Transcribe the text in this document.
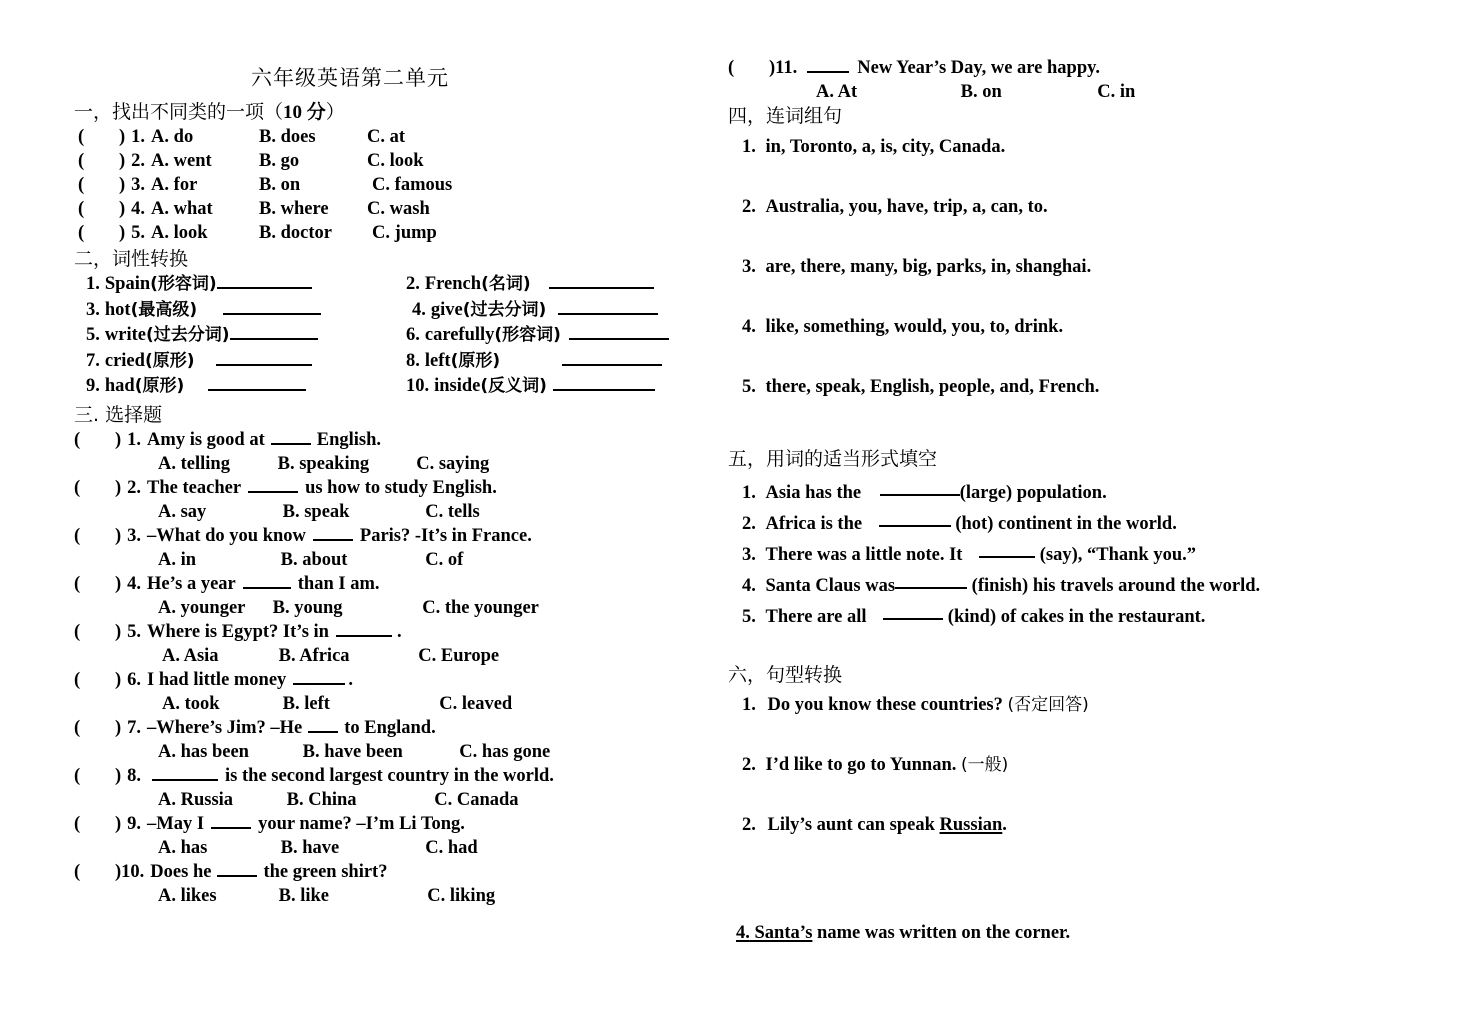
六年级英语第二单元
一，找出不同类的一项（10 分）
( ) 1. A. do	B. does	C. at
( ) 2. A. went	B. go	C. look
( ) 3. A. for	B. on	C. famous
( ) 4. A. what	B. where	C. wash
( ) 5. A. look	B. doctor	C. jump
二，词性转换
1. Spain (形容词)	2. French (名词)
3. hot (最高级)	4. give (过去分词)
5. write (过去分词)	6. carefully (形容词)
7. cried (原形)	8. left (原形)
9. had (原形)	10. inside (反义词)
三. 选择题
( ) 1. Amy is good at	English.
A. telling	B. speaking	C. saying
( ) 2. The teacher	us how to study English.
A. say	B. speak	C. tells
( ) 3. –What do you know	Paris? -It’s in France.
A. in	B. about	C. of
( ) 4. He’s a year	than I am.
A. younger B. young	C. the younger
( ) 5. Where is Egypt? It’s in	.
A. Asia	B. Africa	C. Europe
( ) 6. I had little money	.
A. took	B. left	C. leaved
( ) 7. –Where’s Jim? –He to England.
A. has been	B. have been	C. has gone
( ) 8.	is the second largest country in the world.
A. Russia	B. China	C. Canada
( ) 9. –May I	your name? –I’m Li Tong.
A. has	B. have	C. had
( ) 10. Does he	the green shirt?
A. likes	B. like	C. liking
( ) 11.	New Year’s Day, we are happy.
A. At	B. on	C. in
四，连词组句
1. in, Toronto, a, is, city, Canada.
2. Australia, you, have, trip, a, can, to.
3. are, there, many, big, parks, in, shanghai.
4. like, something, would, you, to, drink.
5. there, speak, English, people, and, French.
五，用词的适当形式填空
1. Asia has the	(large) population.
2. Africa is the	(hot) continent in the world.
3. There was a little note. It	(say), “Thank you.”
4. Santa Claus was	(finish) his travels around the world.
5. There are all	(kind) of cakes in the restaurant.
六，句型转换
1. Do you know these countries? (否定回答)
2. I’d like to go to Yunnan. (一般)
2. Lily’s aunt can speak Russian.
4. Santa’s name was written on the corner.
